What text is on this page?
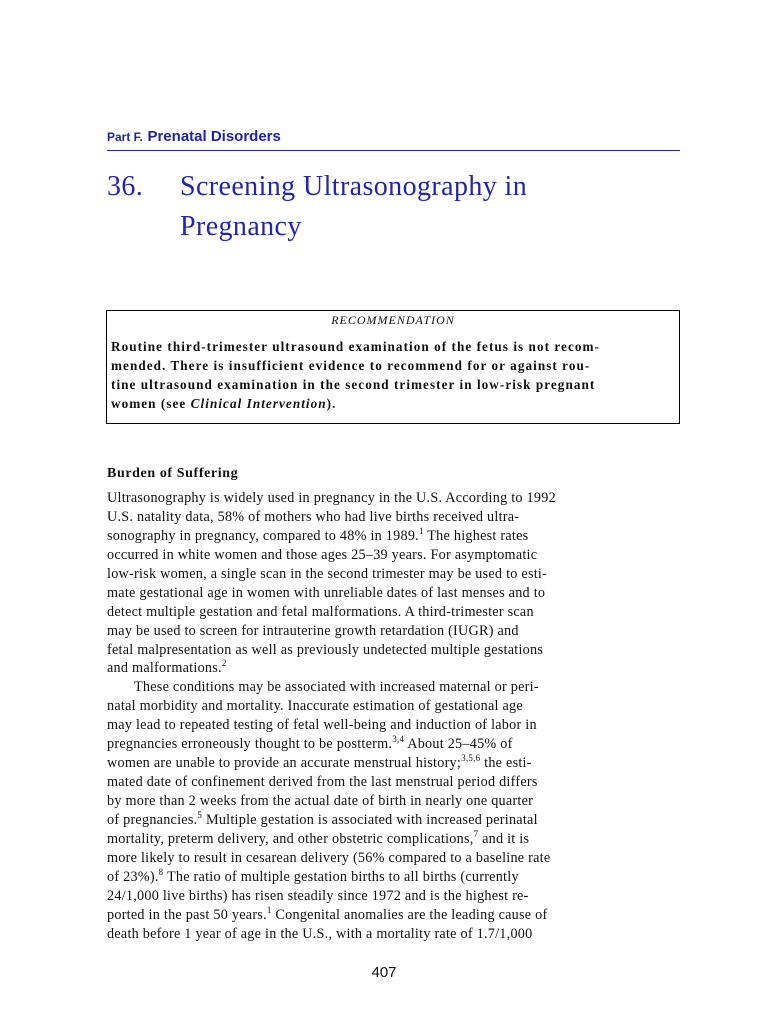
Part F. Prenatal Disorders
36. Screening Ultrasonography in
Pregnancy
RECOMMENDATION
Routine third-trimester ultrasound examination of the fetus is not recom-
mended. There is insufficient evidence to recommend for or against rou-
tine ultrasound examination in the second trimester in low-risk pregnant
women (see Clinical Intervention).
Burden of Suffering
Ultrasonography is widely used in pregnancy in the U.S. According to 1992
U.S. natality data, 58% of mothers who had live births received ultra-
sonography in pregnancy, compared to 48% in 1989.$^1$ The highest rates
occurred in white women and those ages 25–39 years. For asymptomatic
low-risk women, a single scan in the second trimester may be used to esti-
mate gestational age in women with unreliable dates of last menses and to
detect multiple gestation and fetal malformations. A third-trimester scan
may be used to screen for intrauterine growth retardation (IUGR) and
fetal malpresentation as well as previously undetected multiple gestations
and malformations.$^2$
These conditions may be associated with increased maternal or peri-
natal morbidity and mortality. Inaccurate estimation of gestational age
may lead to repeated testing of fetal well-being and induction of labor in
pregnancies erroneously thought to be postterm.$^{3,4}$ About 25–45% of
women are unable to provide an accurate menstrual history;$^{3,5,6}$ the esti-
mated date of confinement derived from the last menstrual period differs
by more than 2 weeks from the actual date of birth in nearly one quarter
of pregnancies.$^5$ Multiple gestation is associated with increased perinatal
mortality, preterm delivery, and other obstetric complications,$^7$ and it is
more likely to result in cesarean delivery (56% compared to a baseline rate
of 23%).$^8$ The ratio of multiple gestation births to all births (currently
24/1,000 live births) has risen steadily since 1972 and is the highest re-
ported in the past 50 years.$^1$ Congenital anomalies are the leading cause of
death before 1 year of age in the U.S., with a mortality rate of 1.7/1,000
407
